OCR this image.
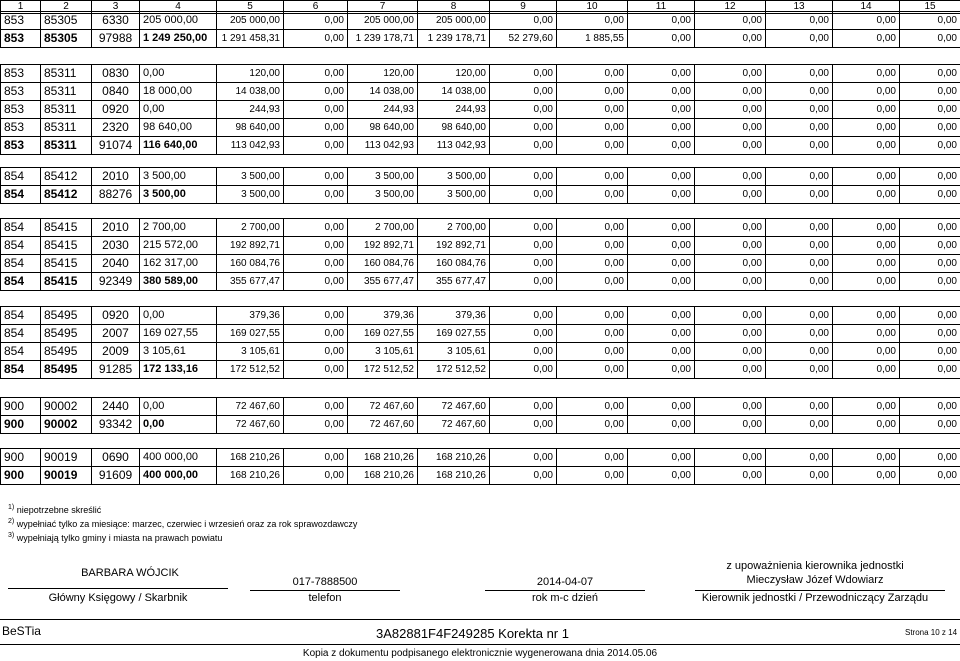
1	2	3	4	5	6	7	8	9	10	11	12	13	14	15
853	85305	6330	205 000,00	205 000,00	0,00	205 000,00	205 000,00	0,00	0,00	0,00	0,00	0,00	0,00	0,00
853	85305	97988	1 249 250,00	1 291 458,31	0,00	1 239 178,71	1 239 178,71	52 279,60	1 885,55	0,00	0,00	0,00	0,00	0,00
853	85311	0830	0,00	120,00	0,00	120,00	120,00	0,00	0,00	0,00	0,00	0,00	0,00	0,00
853	85311	0840	18 000,00	14 038,00	0,00	14 038,00	14 038,00	0,00	0,00	0,00	0,00	0,00	0,00	0,00
853	85311	0920	0,00	244,93	0,00	244,93	244,93	0,00	0,00	0,00	0,00	0,00	0,00	0,00
853	85311	2320	98 640,00	98 640,00	0,00	98 640,00	98 640,00	0,00	0,00	0,00	0,00	0,00	0,00	0,00
853	85311	91074	116 640,00	113 042,93	0,00	113 042,93	113 042,93	0,00	0,00	0,00	0,00	0,00	0,00	0,00
854	85412	2010	3 500,00	3 500,00	0,00	3 500,00	3 500,00	0,00	0,00	0,00	0,00	0,00	0,00	0,00
854	85412	88276	3 500,00	3 500,00	0,00	3 500,00	3 500,00	0,00	0,00	0,00	0,00	0,00	0,00	0,00
854	85415	2010	2 700,00	2 700,00	0,00	2 700,00	2 700,00	0,00	0,00	0,00	0,00	0,00	0,00	0,00
854	85415	2030	215 572,00	192 892,71	0,00	192 892,71	192 892,71	0,00	0,00	0,00	0,00	0,00	0,00	0,00
854	85415	2040	162 317,00	160 084,76	0,00	160 084,76	160 084,76	0,00	0,00	0,00	0,00	0,00	0,00	0,00
854	85415	92349	380 589,00	355 677,47	0,00	355 677,47	355 677,47	0,00	0,00	0,00	0,00	0,00	0,00	0,00
854	85495	0920	0,00	379,36	0,00	379,36	379,36	0,00	0,00	0,00	0,00	0,00	0,00	0,00
854	85495	2007	169 027,55	169 027,55	0,00	169 027,55	169 027,55	0,00	0,00	0,00	0,00	0,00	0,00	0,00
854	85495	2009	3 105,61	3 105,61	0,00	3 105,61	3 105,61	0,00	0,00	0,00	0,00	0,00	0,00	0,00
854	85495	91285	172 133,16	172 512,52	0,00	172 512,52	172 512,52	0,00	0,00	0,00	0,00	0,00	0,00	0,00
900	90002	2440	0,00	72 467,60	0,00	72 467,60	72 467,60	0,00	0,00	0,00	0,00	0,00	0,00	0,00
900	90002	93342	0,00	72 467,60	0,00	72 467,60	72 467,60	0,00	0,00	0,00	0,00	0,00	0,00	0,00
900	90019	0690	400 000,00	168 210,26	0,00	168 210,26	168 210,26	0,00	0,00	0,00	0,00	0,00	0,00	0,00
900	90019	91609	400 000,00	168 210,26	0,00	168 210,26	168 210,26	0,00	0,00	0,00	0,00	0,00	0,00	0,00
$^{1)}$ niepotrzebne skreślić
$^{2)}$ wypełniać tylko za miesiące: marzec, czerwiec i wrzesień oraz za rok sprawozdawczy
$^{3)}$ wypełniają tylko gminy i miasta na prawach powiatu
BARBARA WÓJCIK
Główny Księgowy / Skarbnik
017-7888500
telefon
2014-04-07
rok m-c dzień
z upoważnienia kierownika jednostki
Mieczysław Józef Wdowiarz
Kierownik jednostki / Przewodniczący Zarządu
BeSTia	3A82881F4F249285 Korekta nr 1	Strona 10 z 14
Kopia z dokumentu podpisanego elektronicznie wygenerowana dnia 2014.05.06
